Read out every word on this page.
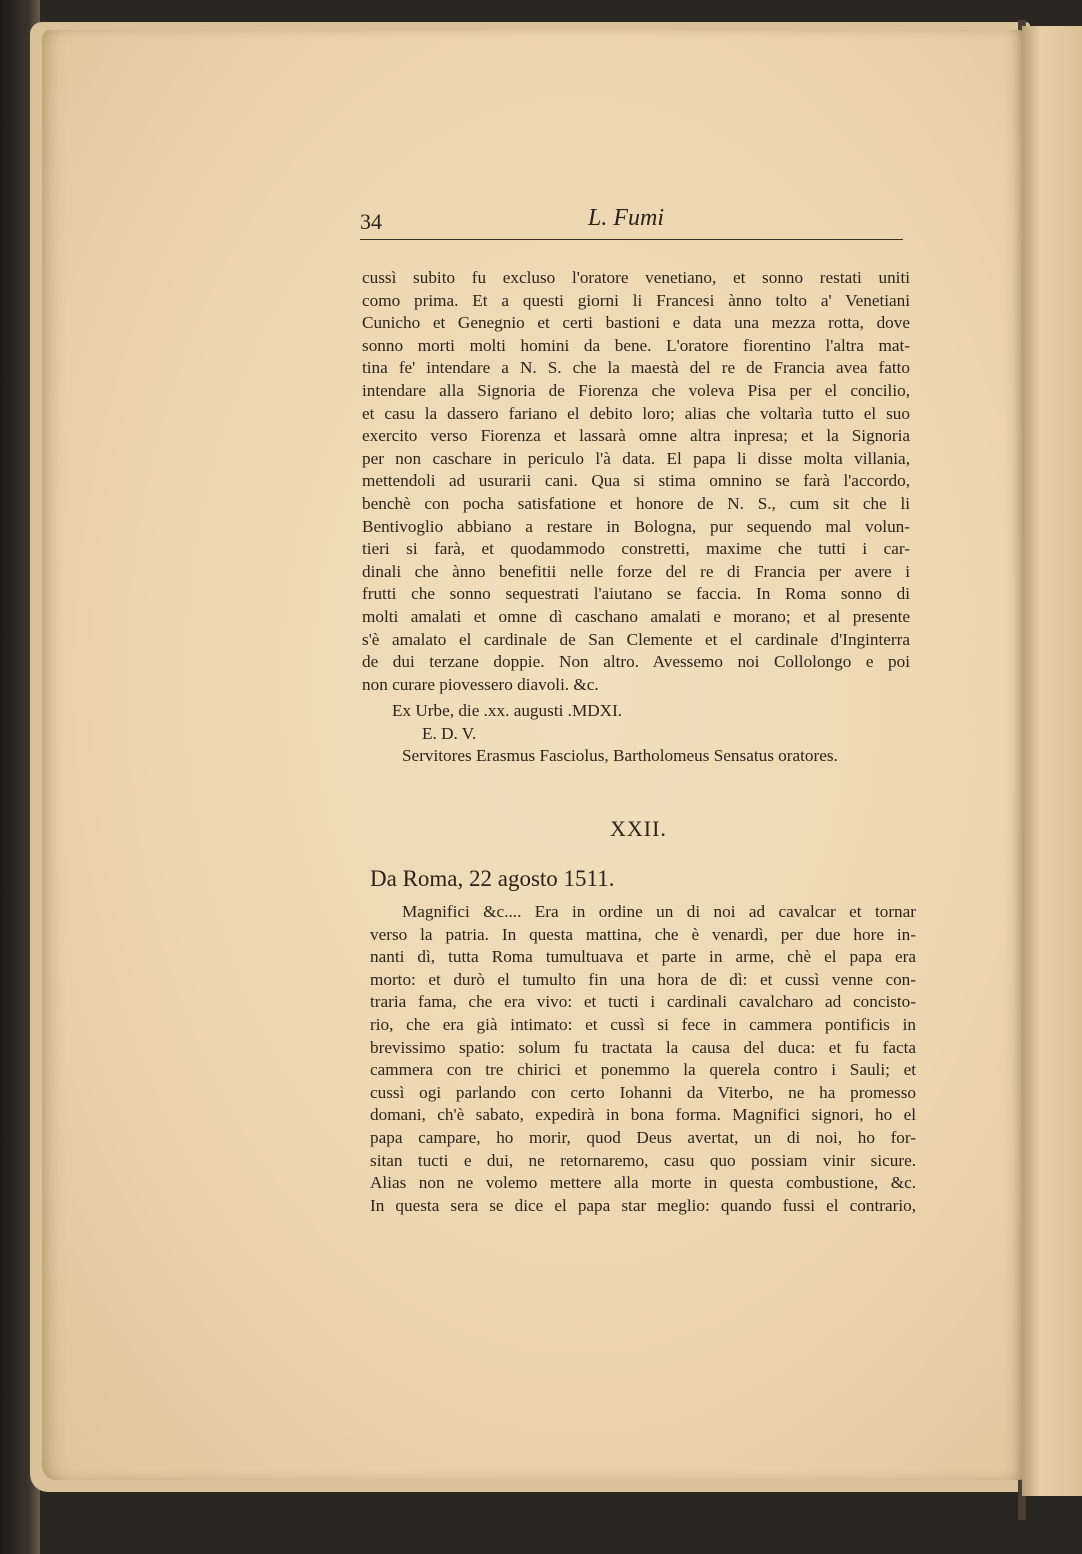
34	L. Fumi
cussì subito fu excluso l'oratore venetiano, et sonno restati uniti
como prima. Et a questi giorni li Francesi ànno tolto a' Venetiani
Cunicho et Genegnio et certi bastioni e data una mezza rotta, dove
sonno morti molti homini da bene. L'oratore fiorentino l'altra mat-
tina fe' intendare a N. S. che la maestà del re de Francia avea fatto
intendare alla Signoria de Fiorenza che voleva Pisa per el concilio,
et casu la dassero fariano el debito loro; alias che voltarìa tutto el suo
exercito verso Fiorenza et lassarà omne altra inpresa; et la Signoria
per non caschare in periculo l'à data. El papa li disse molta villania,
mettendoli ad usurarii cani. Qua si stima omnino se farà l'accordo,
benchè con pocha satisfatione et honore de N. S., cum sit che li
Bentivoglio abbiano a restare in Bologna, pur sequendo mal volun-
tieri si farà, et quodammodo constretti, maxime che tutti i car-
dinali che ànno benefitii nelle forze del re di Francia per avere i
frutti che sonno sequestrati l'aiutano se faccia. In Roma sonno di
molti amalati et omne dì caschano amalati e morano; et al presente
s'è amalato el cardinale de San Clemente et el cardinale d'Inginterra
de dui terzane doppie. Non altro. Avessemo noi Collolongo e poi
non curare piovessero diavoli. &c.
Ex Urbe, die .xx. augusti .MDXI.
E. D. V.
Servitores Erasmus Fasciolus, Bartholomeus Sensatus oratores.
XXII.
Da Roma, 22 agosto 1511.
Magnifici &c.... Era in ordine un di noi ad cavalcar et tornar
verso la patria. In questa mattina, che è venardì, per due hore in-
nanti dì, tutta Roma tumultuava et parte in arme, chè el papa era
morto: et durò el tumulto fin una hora de dì: et cussì venne con-
traria fama, che era vivo: et tucti i cardinali cavalcharo ad concisto-
rio, che era già intimato: et cussì si fece in cammera pontificis in
brevissimo spatio: solum fu tractata la causa del duca: et fu facta
cammera con tre chirici et ponemmo la querela contro i Sauli; et
cussì ogi parlando con certo Iohanni da Viterbo, ne ha promesso
domani, ch'è sabato, expedirà in bona forma. Magnifici signori, ho el
papa campare, ho morir, quod Deus avertat, un di noi, ho for-
sitan tucti e dui, ne retornaremo, casu quo possiam vinir sicure.
Alias non ne volemo mettere alla morte in questa combustione, &c.
In questa sera se dice el papa star meglio: quando fussi el contrario,
